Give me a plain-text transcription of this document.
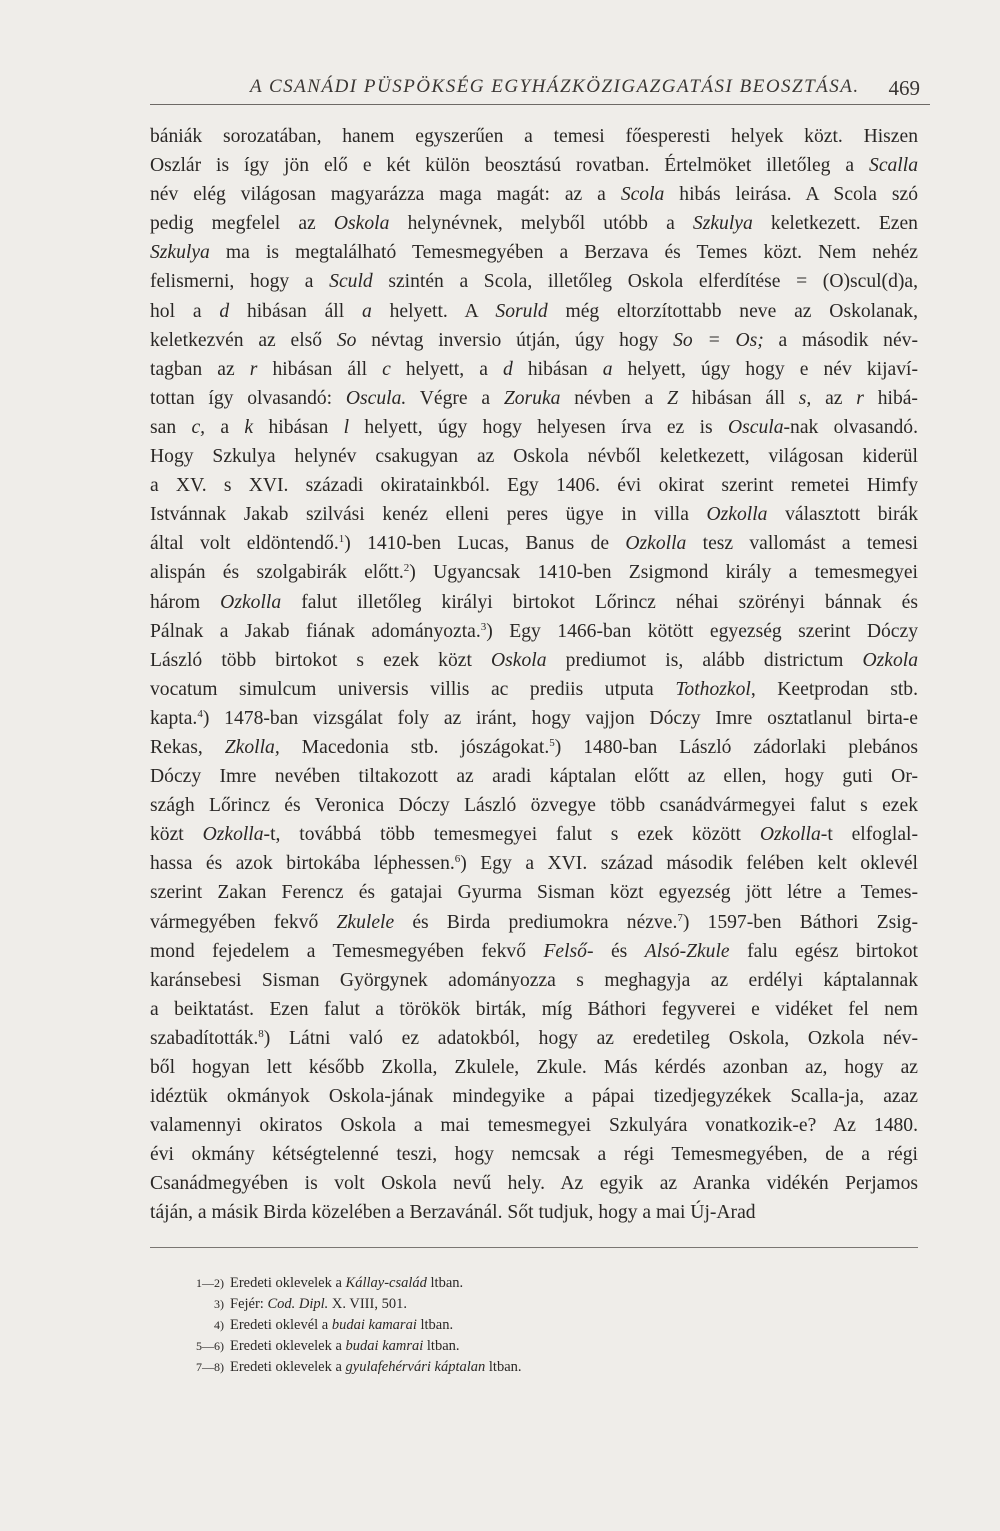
A CSANÁDI PÜSPÖKSÉG EGYHÁZKÖZIGAZGATÁSI BEOSZTÁSA. 469
bániák sorozatában, hanem egyszerűen a temesi főesperesti helyek közt. Hiszen
Oszlár is így jön elő e két külön beosztású rovatban. Értelmöket illetőleg a Scalla
név elég világosan magyarázza maga magát: az a Scola hibás leirása. A Scola szó
pedig megfelel az Oskola helynévnek, melyből utóbb a Szkulya keletkezett. Ezen
Szkulya ma is megtalálható Temesmegyében a Berzava és Temes közt. Nem nehéz
felismerni, hogy a Sculd szintén a Scola, illetőleg Oskola elferdítése = (O)scul(d)a,
hol a d hibásan áll a helyett. A Soruld még eltorzítottabb neve az Oskolanak,
keletkezvén az első So névtag inversio útján, úgy hogy So = Os; a második név-
tagban az r hibásan áll c helyett, a d hibásan a helyett, úgy hogy e név kijaví-
tottan így olvasandó: Oscula. Végre a Zoruka névben a Z hibásan áll s, az r hibá-
san c, a k hibásan l helyett, úgy hogy helyesen írva ez is Oscula-nak olvasandó.
Hogy Szkulya helynév csakugyan az Oskola névből keletkezett, világosan kiderül
a XV. s XVI. századi okiratainkból. Egy 1406. évi okirat szerint remetei Himfy
Istvánnak Jakab szilvási kenéz elleni peres ügye in villa Ozkolla választott birák
által volt eldöntendő.$^1$) 1410-ben Lucas, Banus de Ozkolla tesz vallomást a temesi
alispán és szolgabirák előtt.$^2$) Ugyancsak 1410-ben Zsigmond király a temesmegyei
három Ozkolla falut illetőleg királyi birtokot Lőrincz néhai szörényi bánnak és
Pálnak a Jakab fiának adományozta.$^3$) Egy 1466-ban kötött egyezség szerint Dóczy
László több birtokot s ezek közt Oskola prediumot is, alább districtum Ozkola
vocatum simulcum universis villis ac prediis utputa Tothozkol, Keetprodan stb.
kapta.$^4$) 1478-ban vizsgálat foly az iránt, hogy vajjon Dóczy Imre osztatlanul birta-e
Rekas, Zkolla, Macedonia stb. jószágokat.$^5$) 1480-ban László zádorlaki plebános
Dóczy Imre nevében tiltakozott az aradi káptalan előtt az ellen, hogy guti Or-
szágh Lőrincz és Veronica Dóczy László özvegye több csanádvármegyei falut s ezek
közt Ozkolla-t, továbbá több temesmegyei falut s ezek között Ozkolla-t elfoglal-
hassa és azok birtokába léphessen.$^6$) Egy a XVI. század második felében kelt oklevél
szerint Zakan Ferencz és gatajai Gyurma Sisman közt egyezség jött létre a Temes-
vármegyében fekvő Zkulele és Birda prediumokra nézve.$^7$) 1597-ben Báthori Zsig-
mond fejedelem a Temesmegyében fekvő Felső- és Alsó-Zkule falu egész birtokot
karánsebesi Sisman Györgynek adományozza s meghagyja az erdélyi káptalannak
a beiktatást. Ezen falut a törökök birták, míg Báthori fegyverei e vidéket fel nem
szabadították.$^8$) Látni való ez adatokból, hogy az eredetileg Oskola, Ozkola név-
ből hogyan lett később Zkolla, Zkulele, Zkule. Más kérdés azonban az, hogy az
idéztük okmányok Oskola-jának mindegyike a pápai tizedjegyzékek Scalla-ja, azaz
valamennyi okiratos Oskola a mai temesmegyei Szkulyára vonatkozik-e? Az 1480.
évi okmány kétségtelenné teszi, hogy nemcsak a régi Temesmegyében, de a régi
Csanádmegyében is volt Oskola nevű hely. Az egyik az Aranka vidékén Perjamos
táján, a másik Birda közelében a Berzavánál. Sőt tudjuk, hogy a mai Új-Arad
1—2) Eredeti oklevelek a Kállay-család ltban.
3) Fejér: Cod. Dipl. X. VIII, 501.
4) Eredeti oklevél a budai kamarai ltban.
5—6) Eredeti oklevelek a budai kamrai ltban.
7—8) Eredeti oklevelek a gyulafehérvári káptalan ltban.
